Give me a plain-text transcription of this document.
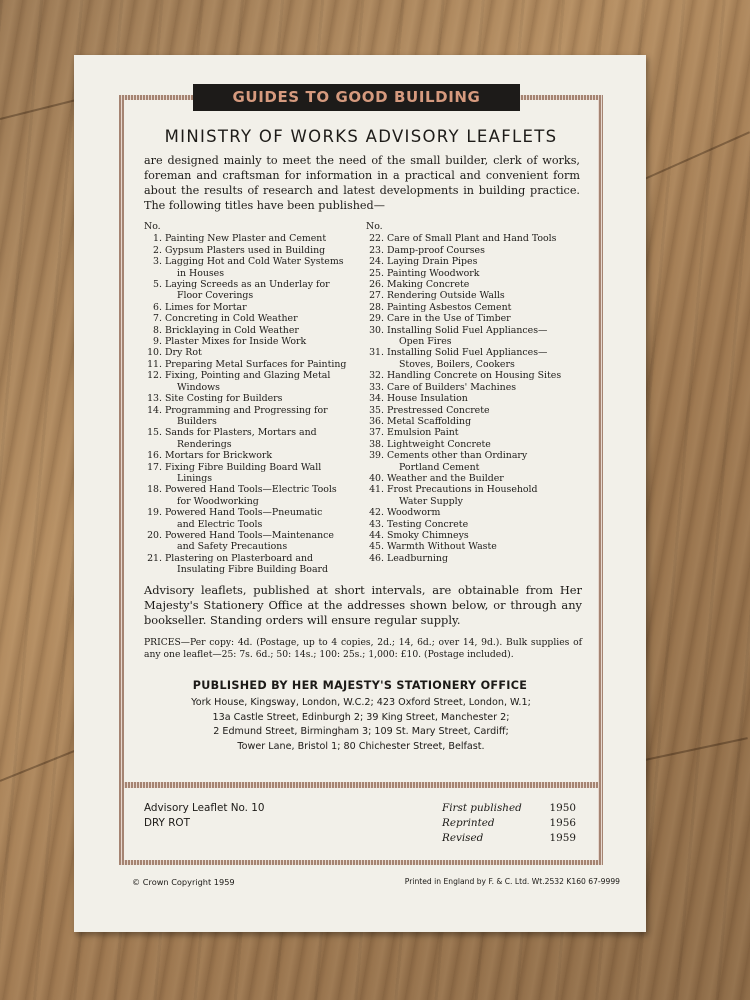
GUIDES TO GOOD BUILDING
MINISTRY OF WORKS ADVISORY LEAFLETS
are designed mainly to meet the need of the small builder, clerk of works, foreman and craftsman for information in a practical and convenient form about the results of research and latest developments in building practice. The following titles have been published—
No.
1. Painting New Plaster and Cement
2. Gypsum Plasters used in Building
3. Lagging Hot and Cold Water Systems
in Houses
5. Laying Screeds as an Underlay for
Floor Coverings
6. Limes for Mortar
7. Concreting in Cold Weather
8. Bricklaying in Cold Weather
9. Plaster Mixes for Inside Work
10. Dry Rot
11. Preparing Metal Surfaces for Painting
12. Fixing, Pointing and Glazing Metal
Windows
13. Site Costing for Builders
14. Programming and Progressing for
Builders
15. Sands for Plasters, Mortars and
Renderings
16. Mortars for Brickwork
17. Fixing Fibre Building Board Wall
Linings
18. Powered Hand Tools—Electric Tools
for Woodworking
19. Powered Hand Tools—Pneumatic
and Electric Tools
20. Powered Hand Tools—Maintenance
and Safety Precautions
21. Plastering on Plasterboard and
Insulating Fibre Building Board
No.
22. Care of Small Plant and Hand Tools
23. Damp-proof Courses
24. Laying Drain Pipes
25. Painting Woodwork
26. Making Concrete
27. Rendering Outside Walls
28. Painting Asbestos Cement
29. Care in the Use of Timber
30. Installing Solid Fuel Appliances—
Open Fires
31. Installing Solid Fuel Appliances—
Stoves, Boilers, Cookers
32. Handling Concrete on Housing Sites
33. Care of Builders' Machines
34. House Insulation
35. Prestressed Concrete
36. Metal Scaffolding
37. Emulsion Paint
38. Lightweight Concrete
39. Cements other than Ordinary
Portland Cement
40. Weather and the Builder
41. Frost Precautions in Household
Water Supply
42. Woodworm
43. Testing Concrete
44. Smoky Chimneys
45. Warmth Without Waste
46. Leadburning
Advisory leaflets, published at short intervals, are obtainable from Her Majesty's Stationery Office at the addresses shown below, or through any bookseller. Standing orders will ensure regular supply.
PRICES—Per copy: 4d. (Postage, up to 4 copies, 2d.; 14, 6d.; over 14, 9d.). Bulk supplies of any one leaflet—25: 7s. 6d.; 50: 14s.; 100: 25s.; 1,000: £10. (Postage included).
PUBLISHED BY HER MAJESTY'S STATIONERY OFFICE
York House, Kingsway, London, W.C.2; 423 Oxford Street, London, W.1;
13a Castle Street, Edinburgh 2; 39 King Street, Manchester 2;
2 Edmund Street, Birmingham 3; 109 St. Mary Street, Cardiff;
Tower Lane, Bristol 1; 80 Chichester Street, Belfast.
Advisory Leaflet No. 10
DRY ROT
First published	1950
Reprinted	1956
Revised	1959
© Crown Copyright 1959	Printed in England by F. & C. Ltd. Wt.2532 K160 67-9999
